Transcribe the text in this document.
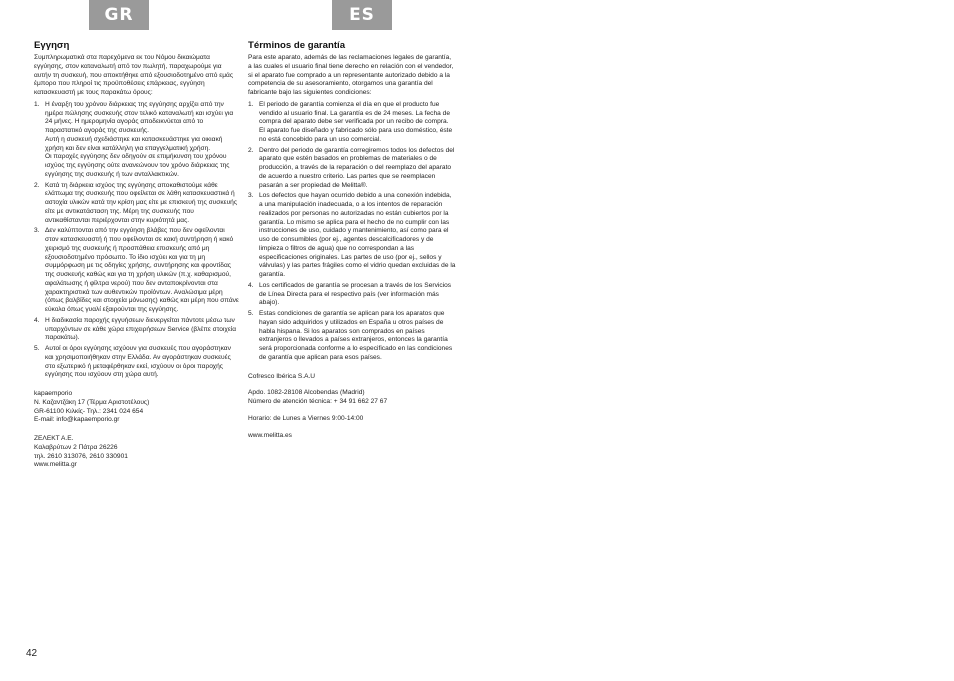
GR	ES
Εγγηση

Συμπληρωματικά στα παρεχόμενα εκ του Νόμου δικαιώματα εγγύησης, στον καταναλωτή από τον πωλητή, παραχωρούμε για αυτήν τη συσκευή, που αποκτήθηκε από εξουσιοδοτημένο από εμάς έμπορο που πληροί τις προϋποθέσεις επάρκειας, εγγύηση κατασκευαστή με τους παρακάτω όρους:

1. Η έναρξη του χρόνου διάρκειας της εγγύησης αρχίζει από την ημέρα πώλησης συσκευής στον τελικό καταναλωτή και ισχύει για 24 μήνες. Η ημερομηνία αγοράς αποδεικνύεται από το παραστατικό αγοράς της συσκευής.

Αυτή η συσκευή σχεδιάστηκε και κατασκευάστηκε για οικιακή χρήση και δεν είναι κατάλληλη για επαγγελματική χρήση.

Οι παροχές εγγύησης δεν οδηγούν σε επιμήκυνση του χρόνου ισχύος της εγγύησης ούτε ανανεώνουν τον χρόνο διάρκειας της εγγύησης της συσκευής ή των ανταλλακτικών.

2. Κατά τη διάρκεια ισχύος της εγγύησης αποκαθιστούμε κάθε ελάττωμα της συσκευής που οφείλεται σε λάθη κατασκευαστικά ή αστοχία υλικών κατά την κρίση μας είτε με επισκευή της συσκευής είτε με αντικατάσταση της. Μέρη της συσκευής που αντικαθίστανται περιέρχονται στην κυριότητά μας.

3. Δεν καλύπτονται από την εγγύηση βλάβες που δεν οφείλονται στον κατασκευαστή ή που οφείλονται σε κακή συντήρηση ή κακό χειρισμό της συσκευής ή προσπάθεια επισκευής από μη εξουσιοδοτημένο πρόσωπο. Το ίδιο ισχύει και για τη μη συμμόρφωση με τις οδηγίες χρήσης, συντήρησης και φροντίδας της συσκευής καθώς και για τη χρήση υλικών (π.χ. καθαρισμού, αφαλάτωσης ή φίλτρα νερού) που δεν ανταποκρίνονται στα χαρακτηριστικά των αυθεντικών προϊόντων. Αναλώσιμα μέρη (όπως βαλβίδες και στοιχεία μόνωσης) καθώς και μέρη που σπάνε εύκολα όπως γυαλί εξαιρούνται της εγγύησης.

4. Η διαδικασία παροχής εγγυήσεων διενεργείται πάντοτε μέσω των υπαρχόντων σε κάθε χώρα επιχειρήσεων Service (βλέπε στοιχεία παρακάτω).

5. Αυτοί οι όροι εγγύησης ισχύουν για συσκευές που αγοράστηκαν και χρησιμοποιήθηκαν στην Ελλάδα. Αν αγοράστηκαν συσκευές στο εξωτερικό ή μεταφέρθηκαν εκεί, ισχύουν οι όροι παροχής εγγύησης που ισχύουν στη χώρα αυτή.

kapaemporio
Ν. Καζαντζάκη 17 (Τέρμα Αριστοτέλους)
GR-61100 Κιλκίς- Τηλ.: 2341 024 654
E-mail: info@kapaemporio.gr
ΖΕΛΕΚΤ Α.Ε.
Καλαβρύτων 2 Πάτρα 26226
τηλ. 2610 313076, 2610 330901
www.melitta.gr
Términos de garantía

Para este aparato, además de las reclamaciones legales de garantía, a las cuales el usuario final tiene derecho en relación con el vendedor, si el aparato fue comprado a un representante autorizado debido a la competencia de su asesoramiento, otorgamos una garantía del fabricante bajo las siguientes condiciones:

1. El periodo de garantía comienza el día en que el producto fue vendido al usuario final. La garantía es de 24 meses. La fecha de compra del aparato debe ser verificada por un recibo de compra. El aparato fue diseñado y fabricado sólo para uso doméstico, éste no está concebido para un uso comercial.

2. Dentro del periodo de garantía corregiremos todos los defectos del aparato que estén basados en problemas de materiales o de producción, a través de la reparación o del reemplazo del aparato de acuerdo a nuestro criterio. Las partes que se reemplacen pasarán a ser propiedad de Melitta®.

3. Los defectos que hayan ocurrido debido a una conexión indebida, a una manipulación inadecuada, o a los intentos de reparación realizados por personas no autorizadas no están cubiertos por la garantía. Lo mismo se aplica para el hecho de no cumplir con las instrucciones de uso, cuidado y mantenimiento, así como para el uso de consumibles (por ej., agentes descalcificadores y de limpieza o filtros de agua) que no correspondan a las especificaciones originales. Las partes de uso (por ej., sellos y válvulas) y las partes frágiles como el vidrio quedan excluidas de la garantía.

4. Los certificados de garantía se procesan a través de los Servicios de Línea Directa para el respectivo país (ver información más abajo).

5. Estas condiciones de garantía se aplican para los aparatos que hayan sido adquiridos y utilizados en España u otros países de habla hispana. Si los aparatos son comprados en países extranjeros o llevados a países extranjeros, entonces la garantía será proporcionada conforme a lo especificado en las condiciones de garantía que aplican para esos países.

Cofresco Ibérica S.A.U
Apdo. 1082-28108 Alcobendas (Madrid)
Número de atención técnica: + 34 91 662 27 67
Horario: de Lunes a Viernes 9:00-14:00
www.melitta.es
42
